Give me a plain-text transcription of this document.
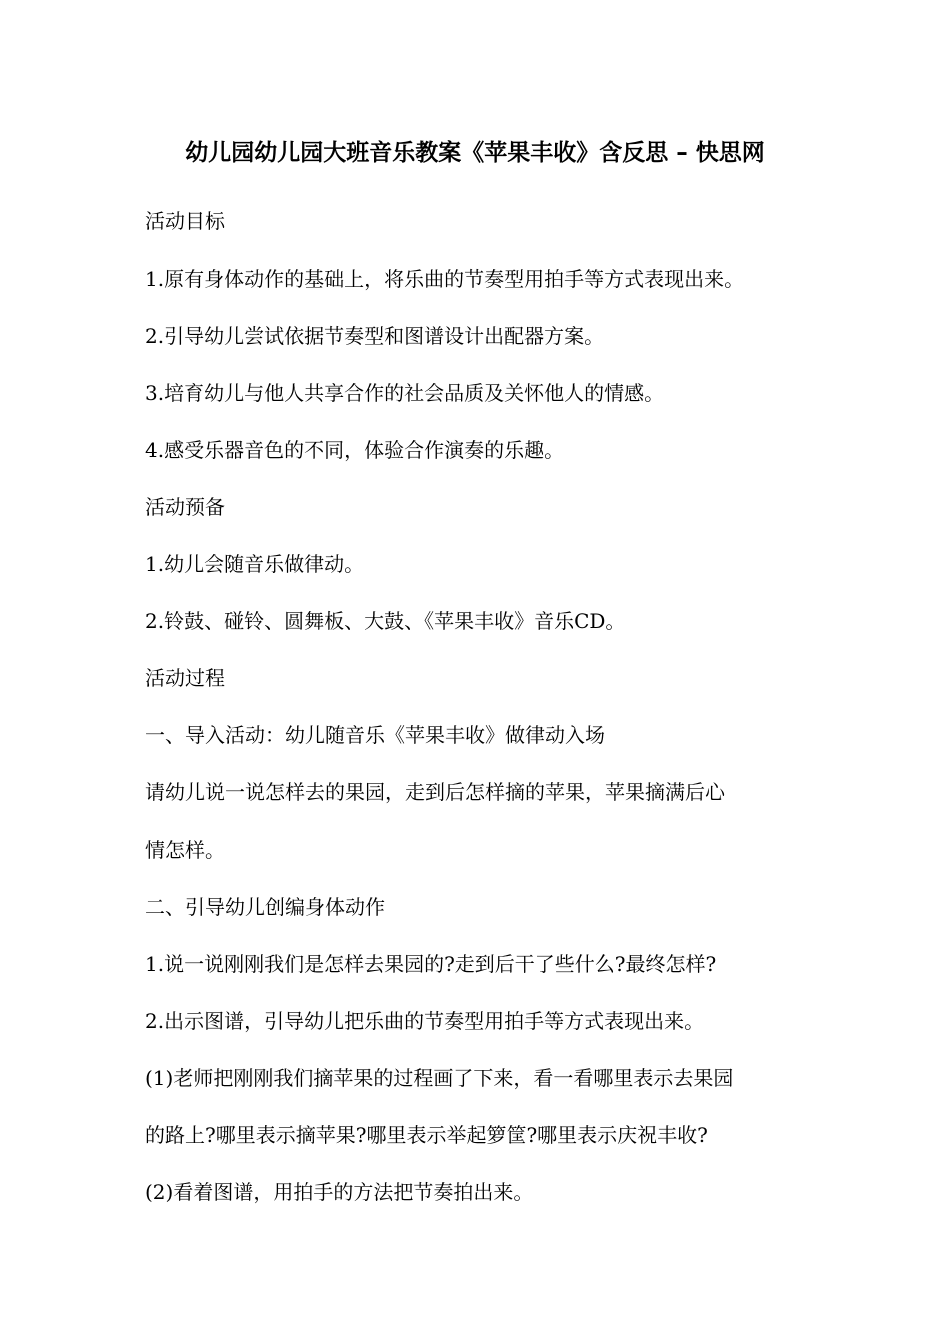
幼儿园幼儿园大班音乐教案《苹果丰收》含反思 – 快思网
活动目标
1.原有身体动作的基础上，将乐曲的节奏型用拍手等方式表现出来。
2.引导幼儿尝试依据节奏型和图谱设计出配器方案。
3.培育幼儿与他人共享合作的社会品质及关怀他人的情感。
4.感受乐器音色的不同，体验合作演奏的乐趣。
活动预备
1.幼儿会随音乐做律动。
2.铃鼓、碰铃、圆舞板、大鼓、《苹果丰收》音乐CD。
活动过程
一、导入活动：幼儿随音乐《苹果丰收》做律动入场
请幼儿说一说怎样去的果园，走到后怎样摘的苹果，苹果摘满后心
情怎样。
二、引导幼儿创编身体动作
1.说一说刚刚我们是怎样去果园的?走到后干了些什么?最终怎样?
2.出示图谱，引导幼儿把乐曲的节奏型用拍手等方式表现出来。
(1)老师把刚刚我们摘苹果的过程画了下来，看一看哪里表示去果园
的路上?哪里表示摘苹果?哪里表示举起箩筐?哪里表示庆祝丰收?
(2)看着图谱，用拍手的方法把节奏拍出来。
